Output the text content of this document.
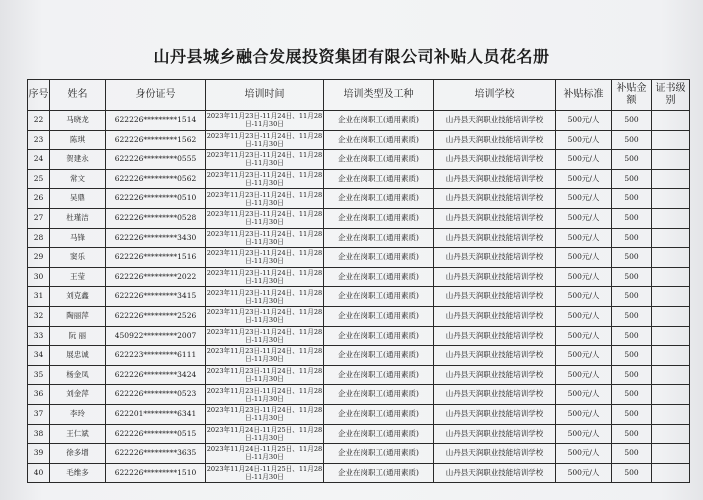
山丹县城乡融合发展投资集团有限公司补贴人员花名册
序号	姓名	身份证号	培训时间	培训类型及工种	培训学校	补贴标准	补贴金额	证书级别
22	马晓龙	622226*********1514	2023年11月23日-11月24日、11月28日-11月30日	企业在岗职工(通用素质)	山丹县天润职业技能培训学校	500元/人	500	
23	陈琪	622226*********1562	2023年11月23日-11月24日、11月28日-11月30日	企业在岗职工(通用素质)	山丹县天润职业技能培训学校	500元/人	500	
24	贺建永	622226*********0555	2023年11月23日-11月24日、11月28日-11月30日	企业在岗职工(通用素质)	山丹县天润职业技能培训学校	500元/人	500	
25	常文	622226*********0562	2023年11月23日-11月24日、11月28日-11月30日	企业在岗职工(通用素质)	山丹县天润职业技能培训学校	500元/人	500	
26	吴鼎	622226*********0510	2023年11月23日-11月24日、11月28日-11月30日	企业在岗职工(通用素质)	山丹县天润职业技能培训学校	500元/人	500	
27	杜瑾洁	622226*********0528	2023年11月23日-11月24日、11月28日-11月30日	企业在岗职工(通用素质)	山丹县天润职业技能培训学校	500元/人	500	
28	马锋	622226*********3430	2023年11月23日-11月24日、11月28日-11月30日	企业在岗职工(通用素质)	山丹县天润职业技能培训学校	500元/人	500	
29	窦乐	622226*********1516	2023年11月23日-11月24日、11月28日-11月30日	企业在岗职工(通用素质)	山丹县天润职业技能培训学校	500元/人	500	
30	王莹	622226*********2022	2023年11月23日-11月24日、11月28日-11月30日	企业在岗职工(通用素质)	山丹县天润职业技能培训学校	500元/人	500	
31	刘克鑫	622226*********3415	2023年11月23日-11月24日、11月28日-11月30日	企业在岗职工(通用素质)	山丹县天润职业技能培训学校	500元/人	500	
32	陶丽萍	622226*********2526	2023年11月23日-11月24日、11月28日-11月30日	企业在岗职工(通用素质)	山丹县天润职业技能培训学校	500元/人	500	
33	阮 丽	450922*********2007	2023年11月23日-11月24日、11月28日-11月30日	企业在岗职工(通用素质)	山丹县天润职业技能培训学校	500元/人	500	
34	展忠诚	622223*********6111	2023年11月23日-11月24日、11月28日-11月30日	企业在岗职工(通用素质)	山丹县天润职业技能培训学校	500元/人	500	
35	杨金凤	622226*********3424	2023年11月23日-11月24日、11月28日-11月30日	企业在岗职工(通用素质)	山丹县天润职业技能培训学校	500元/人	500	
36	刘金萍	622226*********0523	2023年11月23日-11月24日、11月28日-11月30日	企业在岗职工(通用素质)	山丹县天润职业技能培训学校	500元/人	500	
37	李玲	622201*********6341	2023年11月23日-11月24日、11月28日-11月30日	企业在岗职工(通用素质)	山丹县天润职业技能培训学校	500元/人	500	
38	王仁斌	622226*********0515	2023年11月24日-11月25日、11月28日-11月30日	企业在岗职工(通用素质)	山丹县天润职业技能培训学校	500元/人	500	
39	徐多增	622226*********3635	2023年11月24日-11月25日、11月28日-11月30日	企业在岗职工(通用素质)	山丹县天润职业技能培训学校	500元/人	500	
40	毛维多	622226*********1510	2023年11月24日-11月25日、11月28日-11月30日	企业在岗职工(通用素质)	山丹县天润职业技能培训学校	500元/人	500	
